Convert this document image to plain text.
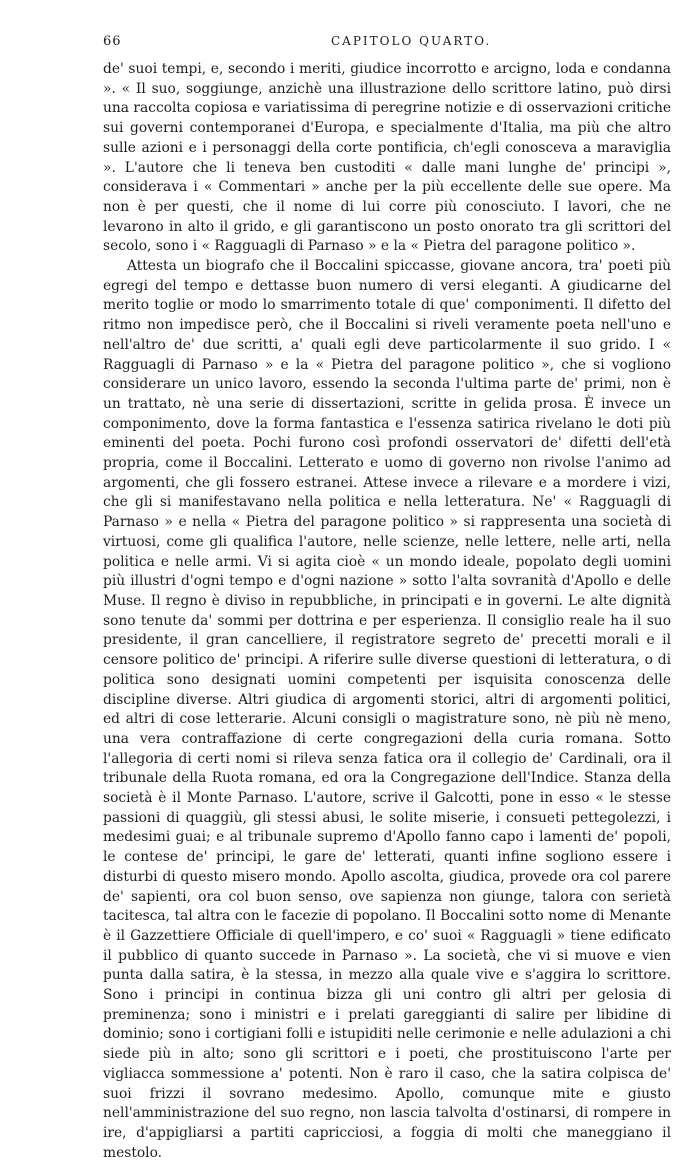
66	CAPITOLO QUARTO.

de' suoi tempi, e, secondo i meriti, giudice incorrotto e arcigno, loda e condanna ». « Il suo, soggiunge, anzichè una illustrazione dello scrittore latino, può dirsi una raccolta copiosa e variatissima di peregrine notizie e di osservazioni critiche sui governi contemporanei d'Europa, e specialmente d'Italia, ma più che altro sulle azioni e i personaggi della corte pontificia, ch'egli conosceva a maraviglia ». L'autore che li teneva ben custoditi « dalle mani lunghe de' principi », considerava i « Commentari » anche per la più eccellente delle sue opere. Ma non è per questi, che il nome di lui corre più conosciuto. I lavori, che ne levarono in alto il grido, e gli garantiscono un posto onorato tra gli scrittori del secolo, sono i « Ragguagli di Parnaso » e la « Pietra del paragone politico ».

Attesta un biografo che il Boccalini spiccasse, giovane ancora, tra' poeti più egregi del tempo e dettasse buon numero di versi eleganti. A giudicarne del merito toglie or modo lo smarrimento totale di que' componimenti. Il difetto del ritmo non impedisce però, che il Boccalini si riveli veramente poeta nell'uno e nell'altro de' due scritti, a' quali egli deve particolarmente il suo grido. I « Ragguagli di Parnaso » e la « Pietra del paragone politico », che si vogliono considerare un unico lavoro, essendo la seconda l'ultima parte de' primi, non è un trattato, nè una serie di dissertazioni, scritte in gelida prosa. È invece un componimento, dove la forma fantastica e l'essenza satirica rivelano le doti più eminenti del poeta. Pochi furono così profondi osservatori de' difetti dell'età propria, come il Boccalini. Letterato e uomo di governo non rivolse l'animo ad argomenti, che gli fossero estranei. Attese invece a rilevare e a mordere i vizi, che gli si manifestavano nella politica e nella letteratura. Ne' « Ragguagli di Parnaso » e nella « Pietra del paragone politico » si rappresenta una società di virtuosi, come gli qualifica l'autore, nelle scienze, nelle lettere, nelle arti, nella politica e nelle armi. Vi si agita cioè « un mondo ideale, popolato degli uomini più illustri d'ogni tempo e d'ogni nazione » sotto l'alta sovranità d'Apollo e delle Muse. Il regno è diviso in repubbliche, in principati e in governi. Le alte dignità sono tenute da' sommi per dottrina e per esperienza. Il consiglio reale ha il suo presidente, il gran cancelliere, il registratore segreto de' precetti morali e il censore politico de' principi. A riferire sulle diverse questioni di letteratura, o di politica sono designati uomini competenti per isquisita conoscenza delle discipline diverse. Altri giudica di argomenti storici, altri di argomenti politici, ed altri di cose letterarie. Alcuni consigli o magistrature sono, nè più nè meno, una vera contraffazione di certe congregazioni della curia romana. Sotto l'allegoria di certi nomi si rileva senza fatica ora il collegio de' Cardinali, ora il tribunale della Ruota romana, ed ora la Congregazione dell'Indice. Stanza della società è il Monte Parnaso. L'autore, scrive il Galcotti, pone in esso « le stesse passioni di quaggiù, gli stessi abusi, le solite miserie, i consueti pettegolezzi, i medesimi guai; e al tribunale supremo d'Apollo fanno capo i lamenti de' popoli, le contese de' principi, le gare de' letterati, quanti infine sogliono essere i disturbi di questo misero mondo. Apollo ascolta, giudica, provede ora col parere de' sapienti, ora col buon senso, ove sapienza non giunge, talora con serietà tacitesca, tal altra con le facezie di popolano. Il Boccalini sotto nome di Menante è il Gazzettiere Officiale di quell'impero, e co' suoi « Ragguagli » tiene edificato il pubblico di quanto succede in Parnaso ». La società, che vi si muove e vien punta dalla satira, è la stessa, in mezzo alla quale vive e s'aggira lo scrittore. Sono i principi in continua bizza gli uni contro gli altri per gelosia di preminenza; sono i ministri e i prelati gareggianti di salire per libidine di dominio; sono i cortigiani folli e istupiditi nelle cerimonie e nelle adulazioni a chi siede più in alto; sono gli scrittori e i poeti, che prostituiscono l'arte per vigliacca sommessione a' potenti. Non è raro il caso, che la satira colpisca de' suoi frizzi il sovrano medesimo. Apollo, comunque mite e giusto nell'amministrazione del suo regno, non lascia talvolta d'ostinarsi, di rompere in ire, d'appigliarsi a partiti capricciosi, a foggia di molti che maneggiano il mestolo.
